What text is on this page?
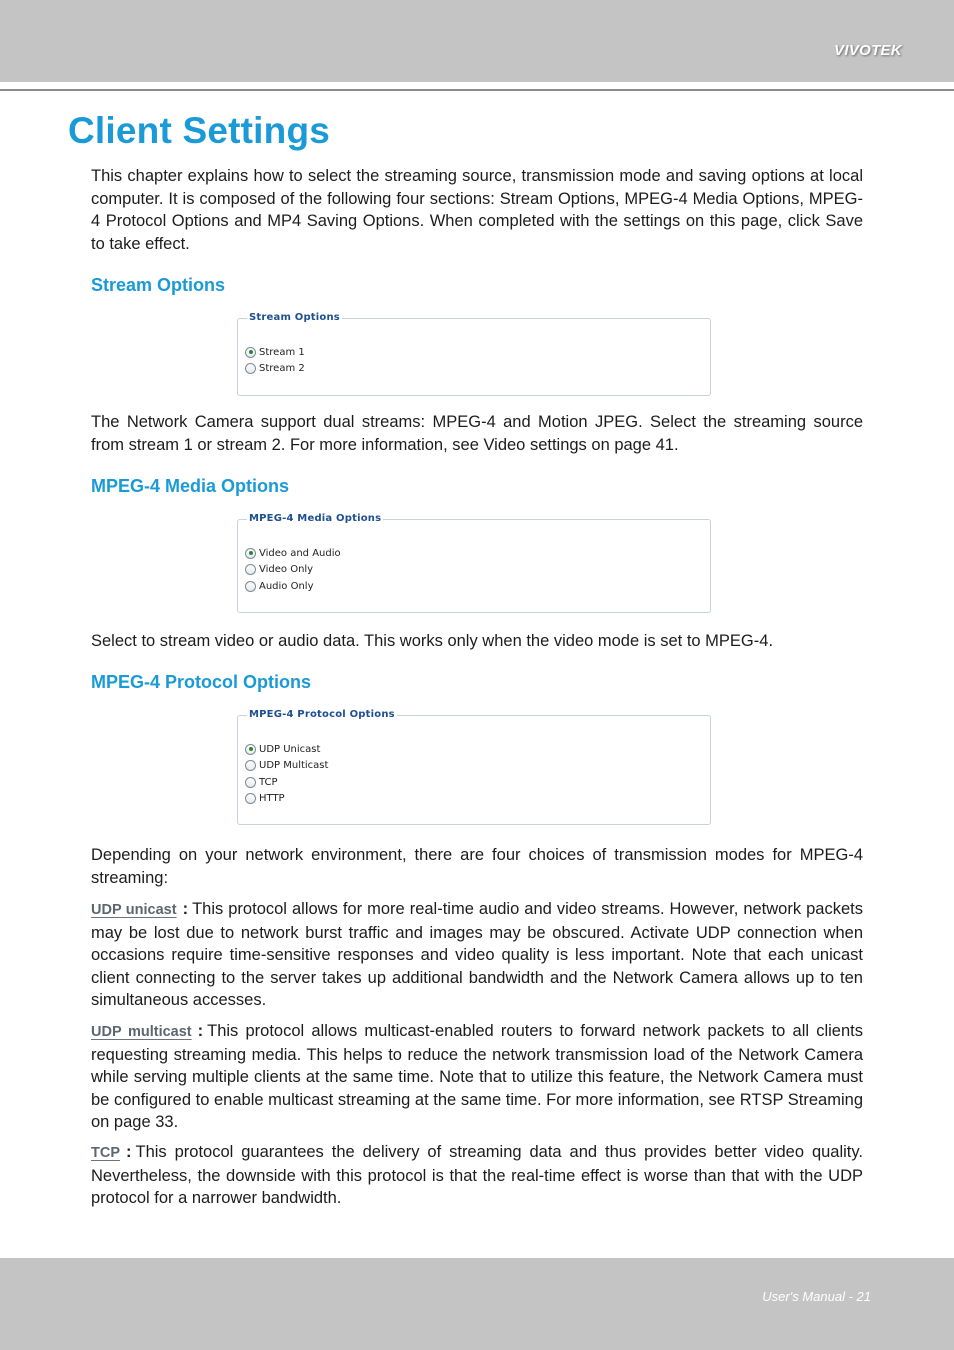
VIVOTEK
Client Settings

This chapter explains how to select the streaming source, transmission mode and saving options at local computer. It is composed of the following four sections: Stream Options, MPEG-4 Media Options, MPEG-4 Protocol Options and MP4 Saving Options. When completed with the settings on this page, click Save to take effect.

Stream Options
Stream Options
Stream 1
Stream 2

The Network Camera support dual streams: MPEG-4 and Motion JPEG. Select the streaming source from stream 1 or stream 2. For more information, see Video settings on page 41.

MPEG-4 Media Options
MPEG-4 Media Options
Video and Audio
Video Only
Audio Only

Select to stream video or audio data. This works only when the video mode is set to MPEG-4.

MPEG-4 Protocol Options
MPEG-4 Protocol Options
UDP Unicast
UDP Multicast
TCP
HTTP

Depending on your network environment, there are four choices of transmission modes for MPEG-4 streaming:

UDP unicast : This protocol allows for more real-time audio and video streams. However, network packets may be lost due to network burst traffic and images may be obscured. Activate UDP connection when occasions require time-sensitive responses and video quality is less important. Note that each unicast client connecting to the server takes up additional bandwidth and the Network Camera allows up to ten simultaneous accesses.

UDP multicast : This protocol allows multicast-enabled routers to forward network packets to all clients requesting streaming media. This helps to reduce the network transmission load of the Network Camera while serving multiple clients at the same time. Note that to utilize this feature, the Network Camera must be configured to enable multicast streaming at the same time. For more information, see RTSP Streaming on page 33.

TCP : This protocol guarantees the delivery of streaming data and thus provides better video quality. Nevertheless, the downside with this protocol is that the real-time effect is worse than that with the UDP protocol for a narrower bandwidth.

User's Manual - 21
